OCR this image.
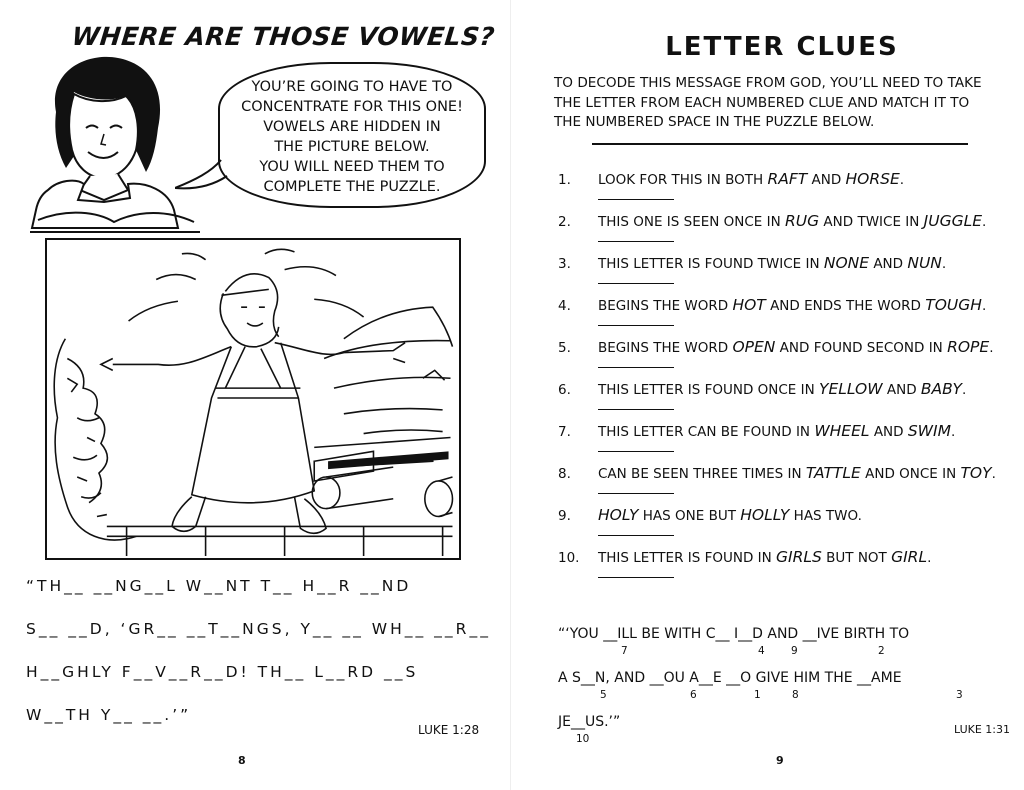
WHERE ARE THOSE VOWELS?
YOU’RE GOING TO HAVE TO
CONCENTRATE FOR THIS ONE!
VOWELS ARE HIDDEN IN
THE PICTURE BELOW.
YOU WILL NEED THEM TO
COMPLETE THE PUZZLE.
“TH__ __NG__L W__NT T__ H__R __ND
S__ __D, ‘GR__ __T__NGS, Y__ __ WH__ __R__
H__GHLY F__V__R__D! TH__ L__RD __S
W__TH Y__ __.’”
LUKE 1:28
8
LETTER CLUES
TO DECODE THIS MESSAGE FROM GOD, YOU’LL NEED TO TAKE
THE LETTER FROM EACH NUMBERED CLUE AND MATCH IT TO
THE NUMBERED SPACE IN THE PUZZLE BELOW.
1.	LOOK FOR THIS IN BOTH RAFT AND HORSE.
2.	THIS ONE IS SEEN ONCE IN RUG AND TWICE IN JUGGLE.
3.	THIS LETTER IS FOUND TWICE IN NONE AND NUN.
4.	BEGINS THE WORD HOT AND ENDS THE WORD TOUGH.
5.	BEGINS THE WORD OPEN AND FOUND SECOND IN ROPE.
6.	THIS LETTER IS FOUND ONCE IN YELLOW AND BABY.
7.	THIS LETTER CAN BE FOUND IN WHEEL AND SWIM.
8.	CAN BE SEEN THREE TIMES IN TATTLE AND ONCE IN TOY.
9.	HOLY HAS ONE BUT HOLLY HAS TWO.
10.	THIS LETTER IS FOUND IN GIRLS BUT NOT GIRL.
“‘YOU __ILL BE WITH C__ I__D AND __IVE BIRTH TO
7	4	9	2
A S__N, AND __OU A__E __O GIVE HIM THE __AME
5	6	1	8	3
JE__US.’”
10
LUKE 1:31
9
